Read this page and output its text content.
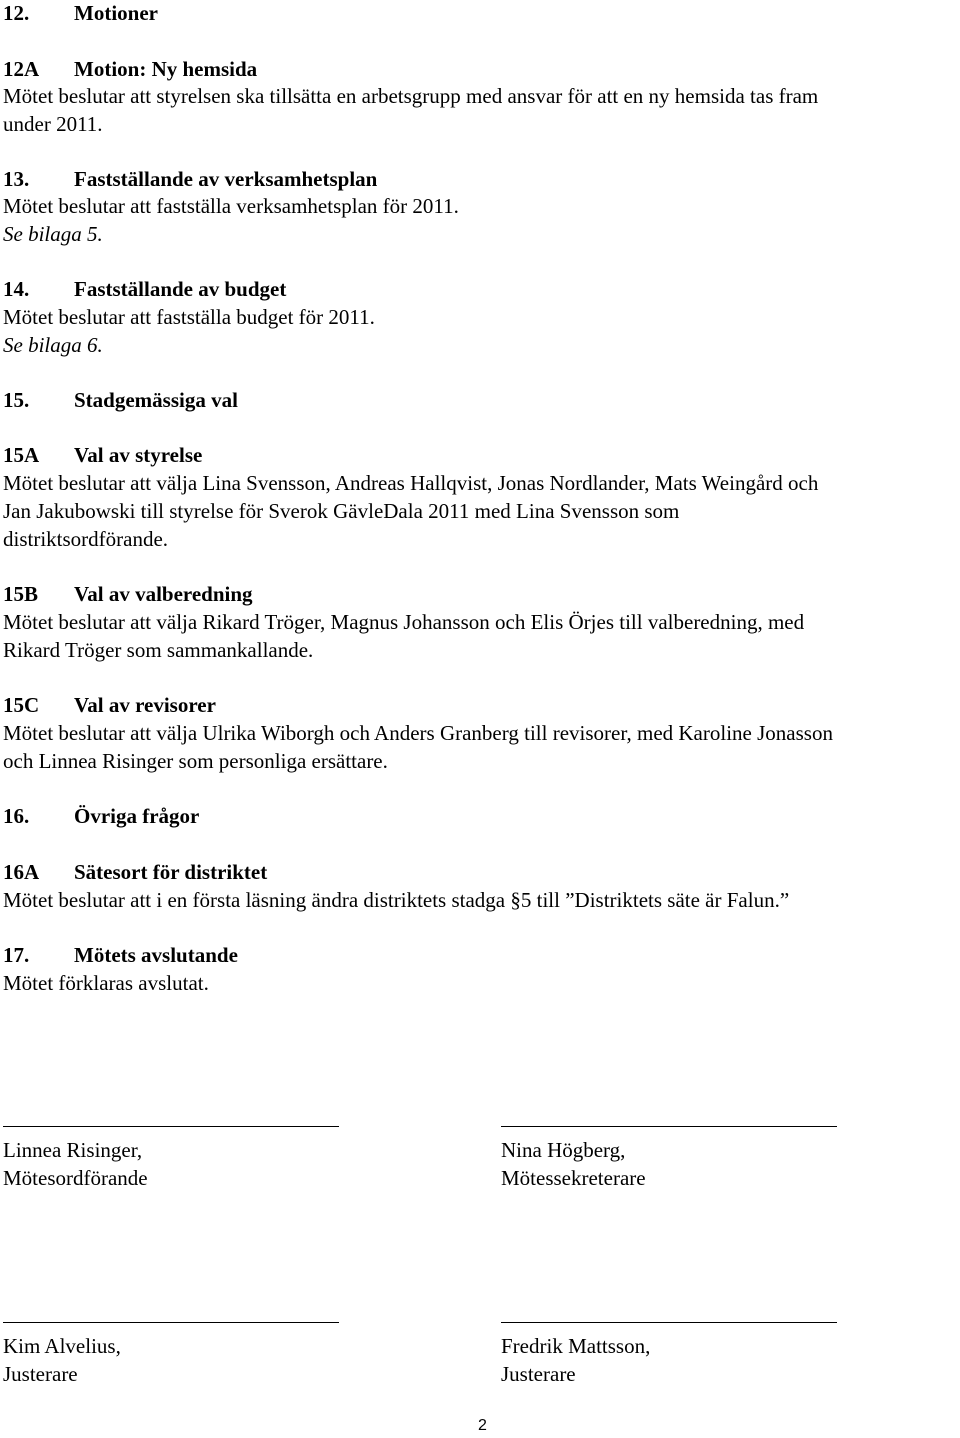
12. Motioner
12A Motion: Ny hemsida
Mötet beslutar att styrelsen ska tillsätta en arbetsgrupp med ansvar för att en ny hemsida tas fram
under 2011.
13. Fastställande av verksamhetsplan
Mötet beslutar att fastställa verksamhetsplan för 2011.
Se bilaga 5.
14. Fastställande av budget
Mötet beslutar att fastställa budget för 2011.
Se bilaga 6.
15. Stadgemässiga val
15A Val av styrelse
Mötet beslutar att välja Lina Svensson, Andreas Hallqvist, Jonas Nordlander, Mats Weingård och
Jan Jakubowski till styrelse för Sverok GävleDala 2011 med Lina Svensson som
distriktsordförande.
15B Val av valberedning
Mötet beslutar att välja Rikard Tröger, Magnus Johansson och Elis Örjes till valberedning, med
Rikard Tröger som sammankallande.
15C Val av revisorer
Mötet beslutar att välja Ulrika Wiborgh och Anders Granberg till revisorer, med Karoline Jonasson
och Linnea Risinger som personliga ersättare.
16. Övriga frågor
16A Sätesort för distriktet
Mötet beslutar att i en första läsning ändra distriktets stadga §5 till ”Distriktets säte är Falun.”
17. Mötets avslutande
Mötet förklaras avslutat.
Linnea Risinger,
Mötesordförande
Nina Högberg,
Mötessekreterare
Kim Alvelius,
Justerare
Fredrik Mattsson,
Justerare
2
